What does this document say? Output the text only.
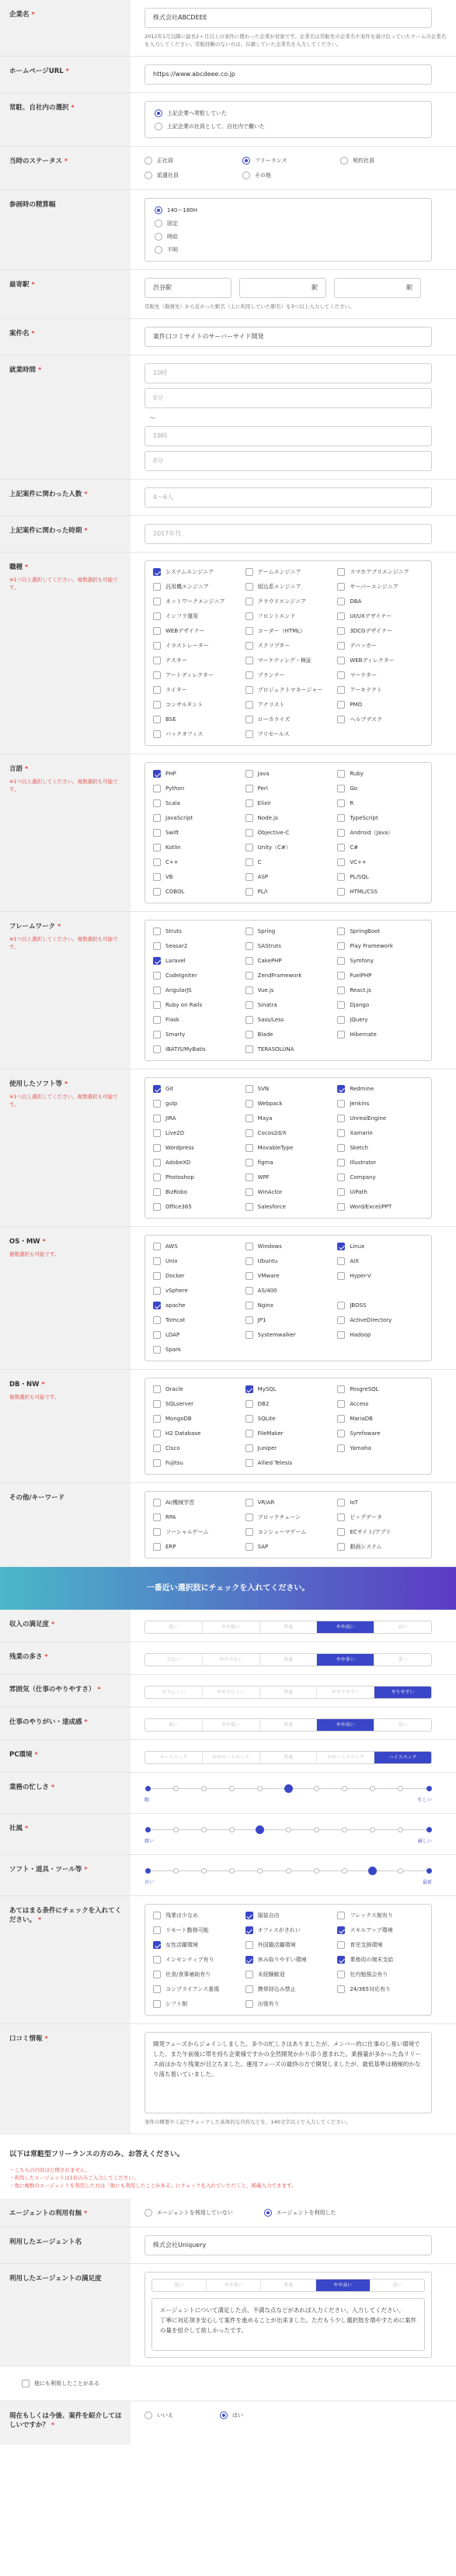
企業名 *	株式会社ABCDEEE
2012年1月以降に最長2ヶ月以上の案件に関わった企業が対象です。企業名は常駐先の企業名や案件を請け負っていたチームの企業名を入力してください。常駐経験のない方は、在籍していた企業名を入力してください。
ホームページURL *	https://www.abcdeee.co.jp
常駐、自社内の選択 *
上記企業へ常駐していた
上記企業の社員として、自社内で働いた
当時のステータス *	正社員	フリーランス	契約社員
派遣社員	その他
参画時の精算幅
140〜180H
固定
時給
不明
最寄駅 *	渋谷駅	駅	駅
常駐先（勤務先）から近かった駅名（主に利用していた駅名）を3つ以上入力してください。
案件名 *	案件口コミサイトのサーバーサイド開発
就業時間 *	10時
0分
〜
19時
0分
上記案件に関わった人数 *	4〜6人
上記案件に関わった時期 *	2017年代
職種 *
※1つ以上選択してください。複数選択も可能です。
システムエンジニア	ゲームエンジニア	スマホアプリエンジニア
汎用機エンジニア	組込系エンジニア	サーバーエンジニア
ネットワークエンジニア	クラウドエンジニア	DBA
インフラ運用	フロントエンド	UI/UXデザイナー
WEBデザイナー	コーダー（HTML）	3DCGデザイナー
イラストレーター	スクリプター	デバッガー
テスター	マーケティング・検証	WEBディレクター
アートディレクター	プランナー	マーケター
ライター	プロジェクトマネージャー	アーキテクト
コンサルタント	アナリスト	PMO
BSE	ローカライズ	ヘルプデスク
バックオフィス	プリセールス
言語 *
※1つ以上選択してください。複数選択も可能です。
PHP	Java	Ruby
Python	Perl	Go
Scala	Elixir	R
JavaScript	Node.js	TypeScript
Swift	Objective-C	Android（Java）
Kotlin	Unity（C#）	C#
C++	C	VC++
VB	ASP	PL/SQL
COBOL	PL/I	HTML/CSS
フレームワーク *
※1つ以上選択してください。複数選択も可能です。
Struts	Spring	SpringBoot
Seasar2	SAStruts	Play Framework
Laravel	CakePHP	Symfony
CodeIgniter	ZendFramework	FuelPHP
AngularJS	Vue.js	React.js
Ruby on Rails	Sinatra	Django
Flask	Sass/Less	jQuery
Smarty	Blade	Hibernate
iBATIS/MyBatis	TERASOLUNA
使用したソフト等 *
※1つ以上選択してください。複数選択も可能です。
Git	SVN	Redmine
gulp	Webpack	Jenkins
JIRA	Maya	UnrealEngine
Live2D	Cocos2d/X	Xamarin
Wordpress	MovableType	Sketch
AdobeXD	figma	Illustrator
Photoshop	WPF	Company
BizRobo	WinActor	UiPath
Office365	Salesforce	Word/Excel/PPT
OS・MW *
複数選択も可能です。
AWS	Windows	Linux
Unix	Ubuntu	AIX
Docker	VMware	Hyper-V
vSphere	AS/400
apache	Nginx	JBOSS
Tomcat	JP1	ActiveDirectory
LDAP	Systemwalker	Hadoop
Spark
DB・NW *
複数選択も可能です。
Oracle	MySQL	PosgreSQL
SQLserver	DB2	Access
MongoDB	SQLite	MariaDB
H2 Database	FileMaker	Symfoware
Cisco	Juniper	Yamaha
Fujitsu	Allied Telesis
その他/キーワード
AI/機械学習	VR/AR	IoT
RPA	ブロックチェーン	ビッグデータ
ソーシャルゲーム	コンシューマゲーム	ECサイト/アプリ
ERP	SAP	動画システム
一番近い選択肢にチェックを入れてください。
収入の満足度 *	低い	やや低い	普通	やや高い	高い
残業の多さ *	少ない	やや少ない	普通	やや多い	多い
雰囲気（仕事のやりやすさ） *	やりにくい	ややりにくい	普通	ややりやすい	やりやすい
仕事のやりがい・達成感 *	低い	やや低い	普通	やや高い	高い
PC環境 *	ロースペック	ややロースペック	普通	ややハイスペック	ハイスペック
業務の忙しさ *
暇	忙しい
社風 *
緩い	厳しい
ソフト・道具・ツール等 *
古い	最新
あてはまる条件にチェックを入れてください。 *
残業は少なめ	服装自由	フレックス制有り
リモート勤務可能	オフィスがきれい	スキルアップ環境
女性活躍環境	外国籍活躍環境	育児支援環境
インセンティブ有り	休み取りやすい環境	業務用の端末支給
社食/食事補助有り	未経験歓迎	社内勉強会有り
コンプライアンス重視	携帯持込み禁止	24/365対応有り
シフト制	出張有り
口コミ情報 *
開発フェーズからジョインしました。多少の忙しさはありましたが、メンバー的に仕事のし易い環境でした。また午前後に帯を持ち企業様ですかの全然開発かかり添う恵まれた。業務量が多かった為リリース前はかなり残業が目立ちました。運用フェーズの最終の方で開発しましたが、最低基準は積極的かなり落ち着いていました。
案件の概要や上記でチェックした具体的な内容などを、140文字以上で入力してください。
以下は常駐型フリーランスの方のみ、お答えください。
・こちらの内容は公開されません。
・利用したエージェントは1社のみご入力してください。
・他に複数のエージェントを利用した方は「他にも利用したことがある」にチェックを入れていただくと、掲載入力できます。
エージェントの利用有無 *	エージェントを利用していない	エージェントを利用した
利用したエージェント名	株式会社Uniquery
利用したエージェントの満足度
低い	やや低い	普通	やや高い	高い
エージェントについて満足した点、不満な点などがあれば入力ください。入力してください。
丁寧に対応頂き安心して案件を進めることが出来ました。ただもう少し選択肢を増やすために案件の量を紹介して欲しかったです。
他にも利用したことがある
現在もしくは今後、案件を紹介してほしいですか？ *
いいえ	はい
